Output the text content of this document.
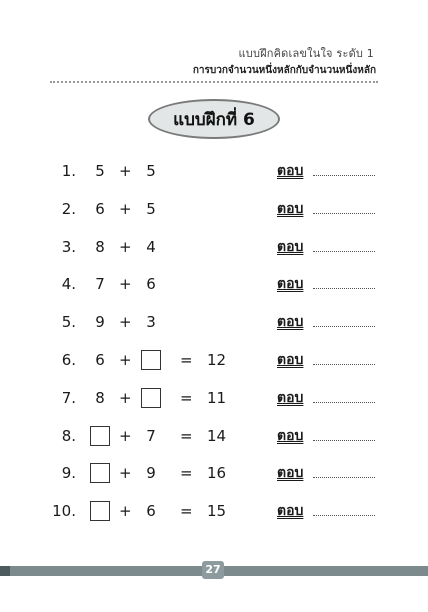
แบบฝึกคิดเลขในใจ ระดับ 1
การบวกจำนวนหนึ่งหลักกับจำนวนหนึ่งหลัก
แบบฝึกที่ 6
1. 5 + 5	ตอบ
2. 6 + 5	ตอบ
3. 8 + 4	ตอบ
4. 7 + 6	ตอบ
5. 9 + 3	ตอบ
6. 6 +	= 12	ตอบ
7. 8 +	= 11	ตอบ
8.	+ 7 = 14	ตอบ
9.	+ 9 = 16	ตอบ
10.	+ 6 = 15	ตอบ
27
